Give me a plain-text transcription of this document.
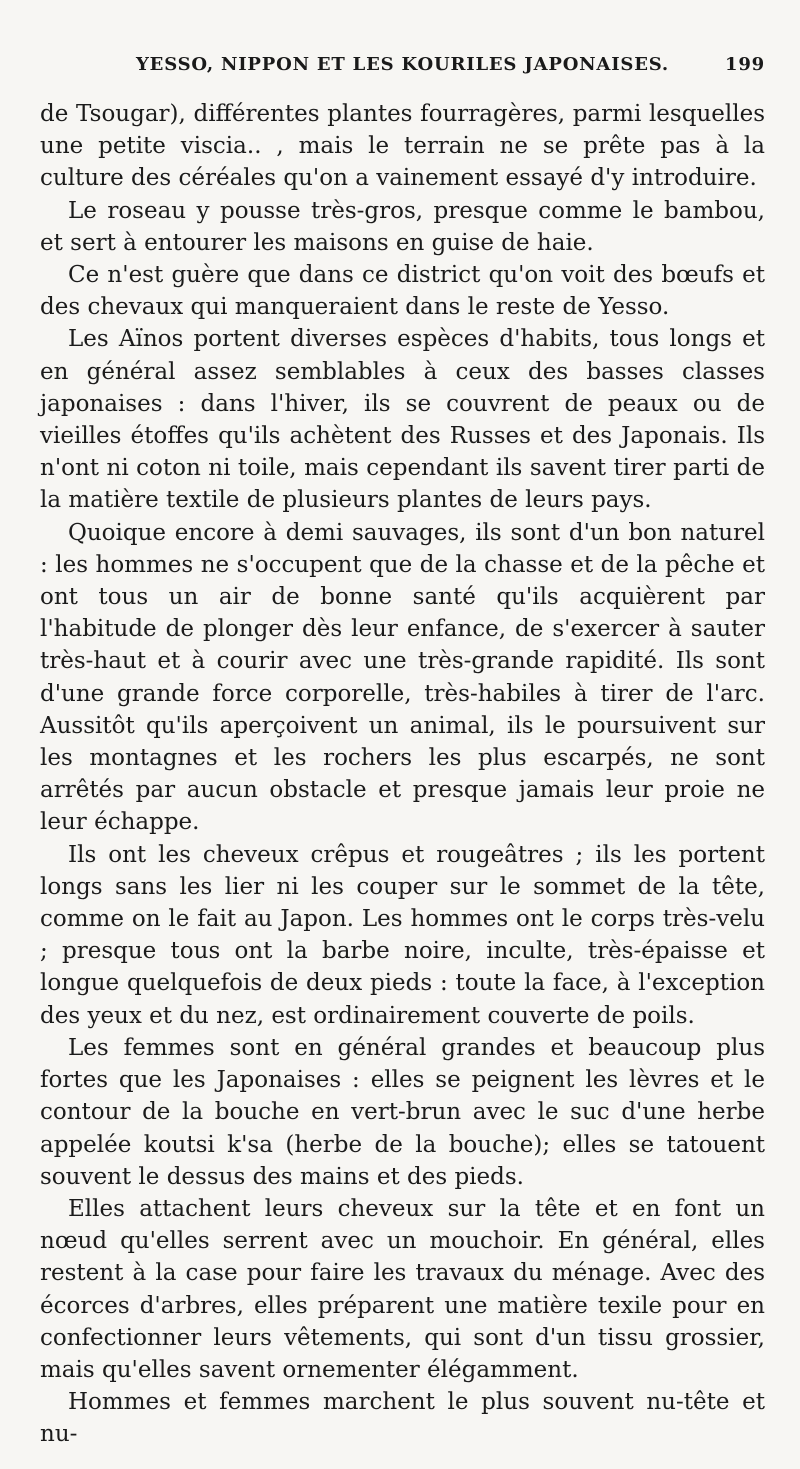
YESSO, NIPPON ET LES KOURILES JAPONAISES.	199

de Tsougar), différentes plantes fourragères, parmi lesquelles une petite viscia.. , mais le terrain ne se prête pas à la culture des céréales qu'on a vainement essayé d'y introduire.

Le roseau y pousse très-gros, presque comme le bambou, et sert à entourer les maisons en guise de haie.

Ce n'est guère que dans ce district qu'on voit des bœufs et des chevaux qui manqueraient dans le reste de Yesso.

Les Aïnos portent diverses espèces d'habits, tous longs et en général assez semblables à ceux des basses classes japonaises : dans l'hiver, ils se couvrent de peaux ou de vieilles étoffes qu'ils achètent des Russes et des Japonais. Ils n'ont ni coton ni toile, mais cependant ils savent tirer parti de la matière textile de plusieurs plantes de leurs pays.

Quoique encore à demi sauvages, ils sont d'un bon naturel : les hommes ne s'occupent que de la chasse et de la pêche et ont tous un air de bonne santé qu'ils acquièrent par l'habitude de plonger dès leur enfance, de s'exercer à sauter très-haut et à courir avec une très-grande rapidité. Ils sont d'une grande force corporelle, très-habiles à tirer de l'arc. Aussitôt qu'ils aperçoivent un animal, ils le poursuivent sur les montagnes et les rochers les plus escarpés, ne sont arrêtés par aucun obstacle et presque jamais leur proie ne leur échappe.

Ils ont les cheveux crêpus et rougeâtres ; ils les portent longs sans les lier ni les couper sur le sommet de la tête, comme on le fait au Japon. Les hommes ont le corps très-velu ; presque tous ont la barbe noire, inculte, très-épaisse et longue quelquefois de deux pieds : toute la face, à l'exception des yeux et du nez, est ordinairement couverte de poils.

Les femmes sont en général grandes et beaucoup plus fortes que les Japonaises : elles se peignent les lèvres et le contour de la bouche en vert-brun avec le suc d'une herbe appelée koutsi k'sa (herbe de la bouche); elles se tatouent souvent le dessus des mains et des pieds.

Elles attachent leurs cheveux sur la tête et en font un nœud qu'elles serrent avec un mouchoir. En général, elles restent à la case pour faire les travaux du ménage. Avec des écorces d'arbres, elles préparent une matière texile pour en confectionner leurs vêtements, qui sont d'un tissu grossier, mais qu'elles savent ornementer élégamment.

Hommes et femmes marchent le plus souvent nu-tête et nu-
